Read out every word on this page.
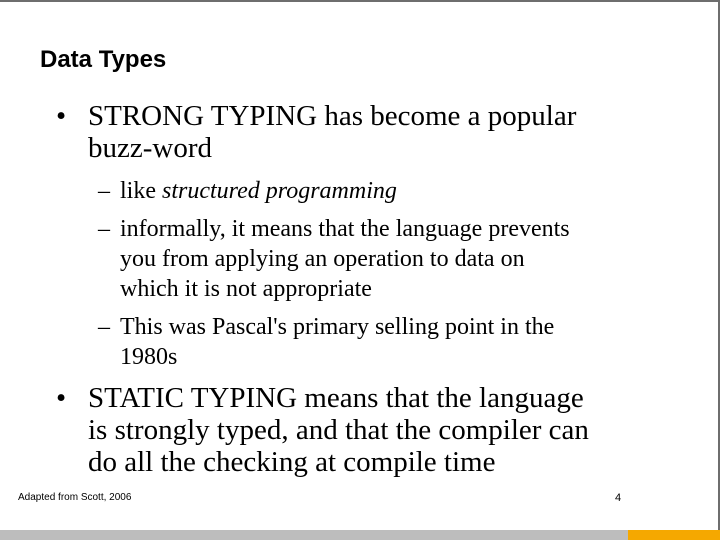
Data Types
• STRONG TYPING has become a popular
buzz-word
– like structured programming
– informally, it means that the language prevents
you from applying an operation to data on
which it is not appropriate
– This was Pascal's primary selling point in the
1980s
• STATIC TYPING means that the language
is strongly typed, and that the compiler can
do all the checking at compile time
Adapted from Scott, 2006	4
